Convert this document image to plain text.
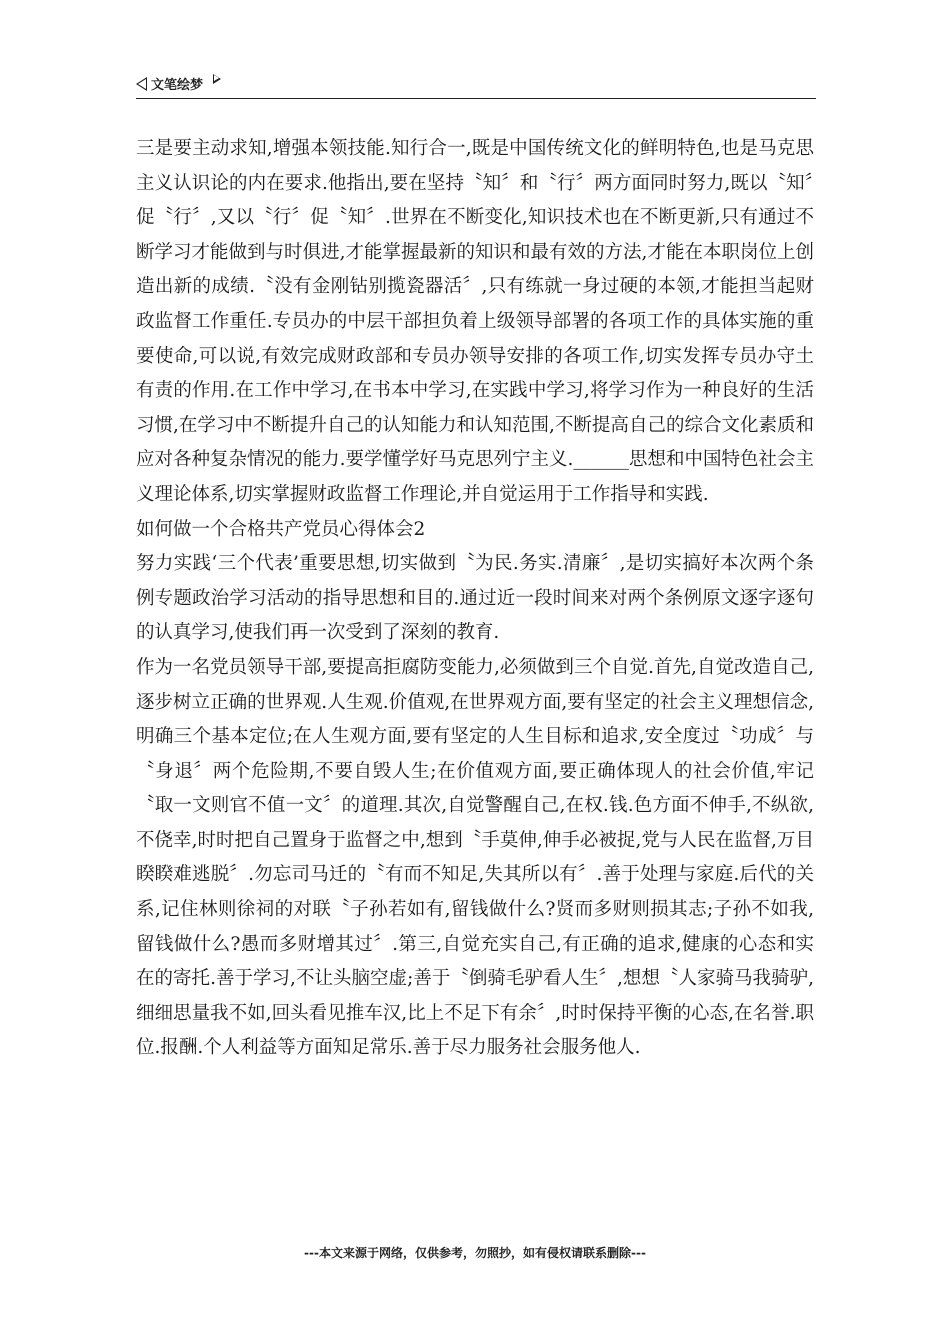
文笔绘梦

三是要主动求知,增强本领技能.知行合一,既是中国传统文化的鲜明特色,也是马克思主义认识论的内在要求.他指出,要在坚持〝知〞和〝行〞两方面同时努力,既以〝知〞促〝行〞,又以〝行〞促〝知〞.世界在不断变化,知识技术也在不断更新,只有通过不断学习才能做到与时俱进,才能掌握最新的知识和最有效的方法,才能在本职岗位上创造出新的成绩.〝没有金刚钻别揽瓷器活〞,只有练就一身过硬的本领,才能担当起财政监督工作重任.专员办的中层干部担负着上级领导部署的各项工作的具体实施的重要使命,可以说,有效完成财政部和专员办领导安排的各项工作,切实发挥专员办守土有责的作用.在工作中学习,在书本中学习,在实践中学习,将学习作为一种良好的生活习惯,在学习中不断提升自己的认知能力和认知范围,不断提高自己的综合文化素质和应对各种复杂情况的能力.要学懂学好马克思列宁主义.______思想和中国特色社会主义理论体系,切实掌握财政监督工作理论,并自觉运用于工作指导和实践.

如何做一个合格共产党员心得体会2

努力实践‘三个代表’重要思想,切实做到〝为民.务实.清廉〞,是切实搞好本次两个条例专题政治学习活动的指导思想和目的.通过近一段时间来对两个条例原文逐字逐句的认真学习,使我们再一次受到了深刻的教育.

作为一名党员领导干部,要提高拒腐防变能力,必须做到三个自觉.首先,自觉改造自己,逐步树立正确的世界观.人生观.价值观,在世界观方面,要有坚定的社会主义理想信念,明确三个基本定位;在人生观方面,要有坚定的人生目标和追求,安全度过〝功成〞与〝身退〞两个危险期,不要自毁人生;在价值观方面,要正确体现人的社会价值,牢记〝取一文则官不值一文〞的道理.其次,自觉警醒自己,在权.钱.色方面不伸手,不纵欲,不侥幸,时时把自己置身于监督之中,想到〝手莫伸,伸手必被捉,党与人民在监督,万目睽睽难逃脱〞.勿忘司马迁的〝有而不知足,失其所以有〞.善于处理与家庭.后代的关系,记住林则徐祠的对联〝子孙若如有,留钱做什么?贤而多财则损其志;子孙不如我,留钱做什么?愚而多财增其过〞.第三,自觉充实自己,有正确的追求,健康的心态和实在的寄托.善于学习,不让头脑空虚;善于〝倒骑毛驴看人生〞,想想〝人家骑马我骑驴,细细思量我不如,回头看见推车汉,比上不足下有余〞,时时保持平衡的心态,在名誉.职位.报酬.个人利益等方面知足常乐.善于尽力服务社会服务他人.

---本文来源于网络，仅供参考，勿照抄，如有侵权请联系删除---
